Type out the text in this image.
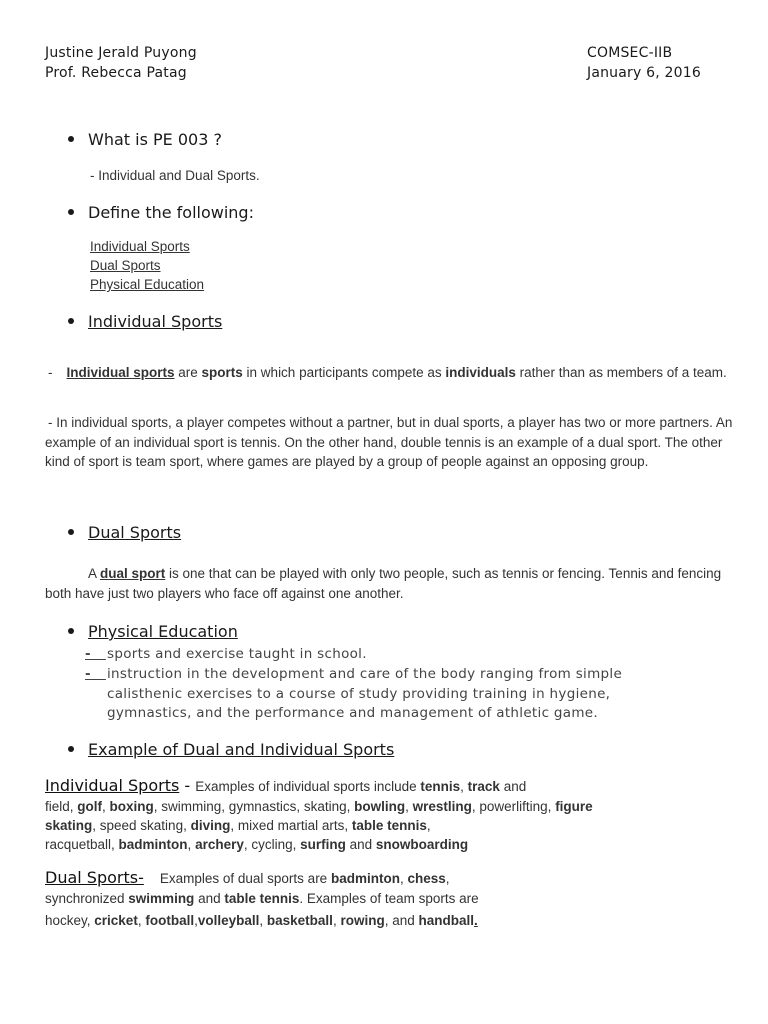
Justine Jerald Puyong
Prof. Rebecca Patag
COMSEC-IIB
January 6, 2016
What is PE 003 ?
- Individual and Dual Sports.
Define the following:
Individual Sports
Dual Sports
Physical Education
Individual Sports
- Individual sports are sports in which participants compete as individuals rather than as members of a team.
- In individual sports, a player competes without a partner, but in dual sports, a player has two or more partners. An example of an individual sport is tennis. On the other hand, double tennis is an example of a dual sport. The other kind of sport is team sport, where games are played by a group of people against an opposing group.
Dual Sports
A dual sport is one that can be played with only two people, such as tennis or fencing. Tennis and fencing both have just two players who face off against one another.
Physical Education
-   sports and exercise taught in school.
-   instruction in the development and care of the body ranging from simple
calisthenic exercises to a course of study providing training in hygiene,
gymnastics, and the performance and management of athletic game.
Example of Dual and Individual Sports
Individual Sports - Examples of individual sports include tennis, track and
field, golf, boxing, swimming, gymnastics, skating, bowling, wrestling, powerlifting, figure
skating, speed skating, diving, mixed martial arts, table tennis,
racquetball, badminton, archery, cycling, surfing and snowboarding
Dual Sports- Examples of dual sports are badminton, chess,
synchronized swimming and table tennis. Examples of team sports are
hockey, cricket, football,volleyball, basketball, rowing, and handball.
